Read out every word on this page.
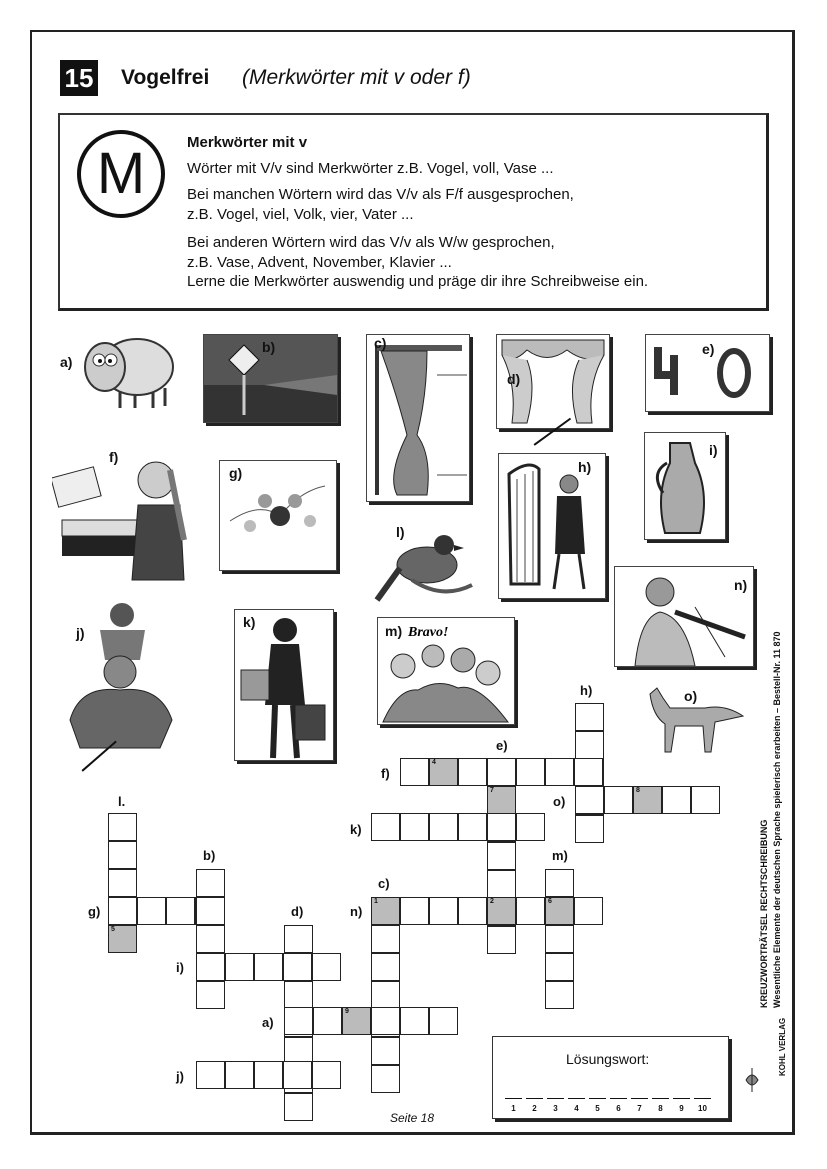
15 Vogelfrei (Merkwörter mit v oder f)
M	Merkwörter mit v
Wörter mit V/v sind Merkwörter z.B. Vogel, voll, Vase ...
Bei manchen Wörtern wird das V/v als F/f ausgesprochen,
z.B. Vogel, viel, Volk, vier, Vater ...
Bei anderen Wörtern wird das V/v als W/w gesprochen,
z.B. Vase, Advent, November, Klavier ...
Lerne die Merkwörter auswendig und präge dir ihre Schreibweise ein.
a)
b)	c)
d)
e)
f)
g)	h)
i)
j)
k)
l)
Bravo!
m)
n)
o)
4
7	8
5
6
1	2
9
h)
e)
f)
o)
l.
k)
b)	m)
c)
g)	d)	n)
i)
a)
j)
Lösungswort:
1	2	3	4	5	6	7	8	9	10
Seite 18
KREUZWORTRÄTSEL RECHTSCHREIBUNG Wesentliche Elemente der deutschen Sprache spielerisch erarbeiten – Bestell-Nr. 11 870
KOHL VERLAG
